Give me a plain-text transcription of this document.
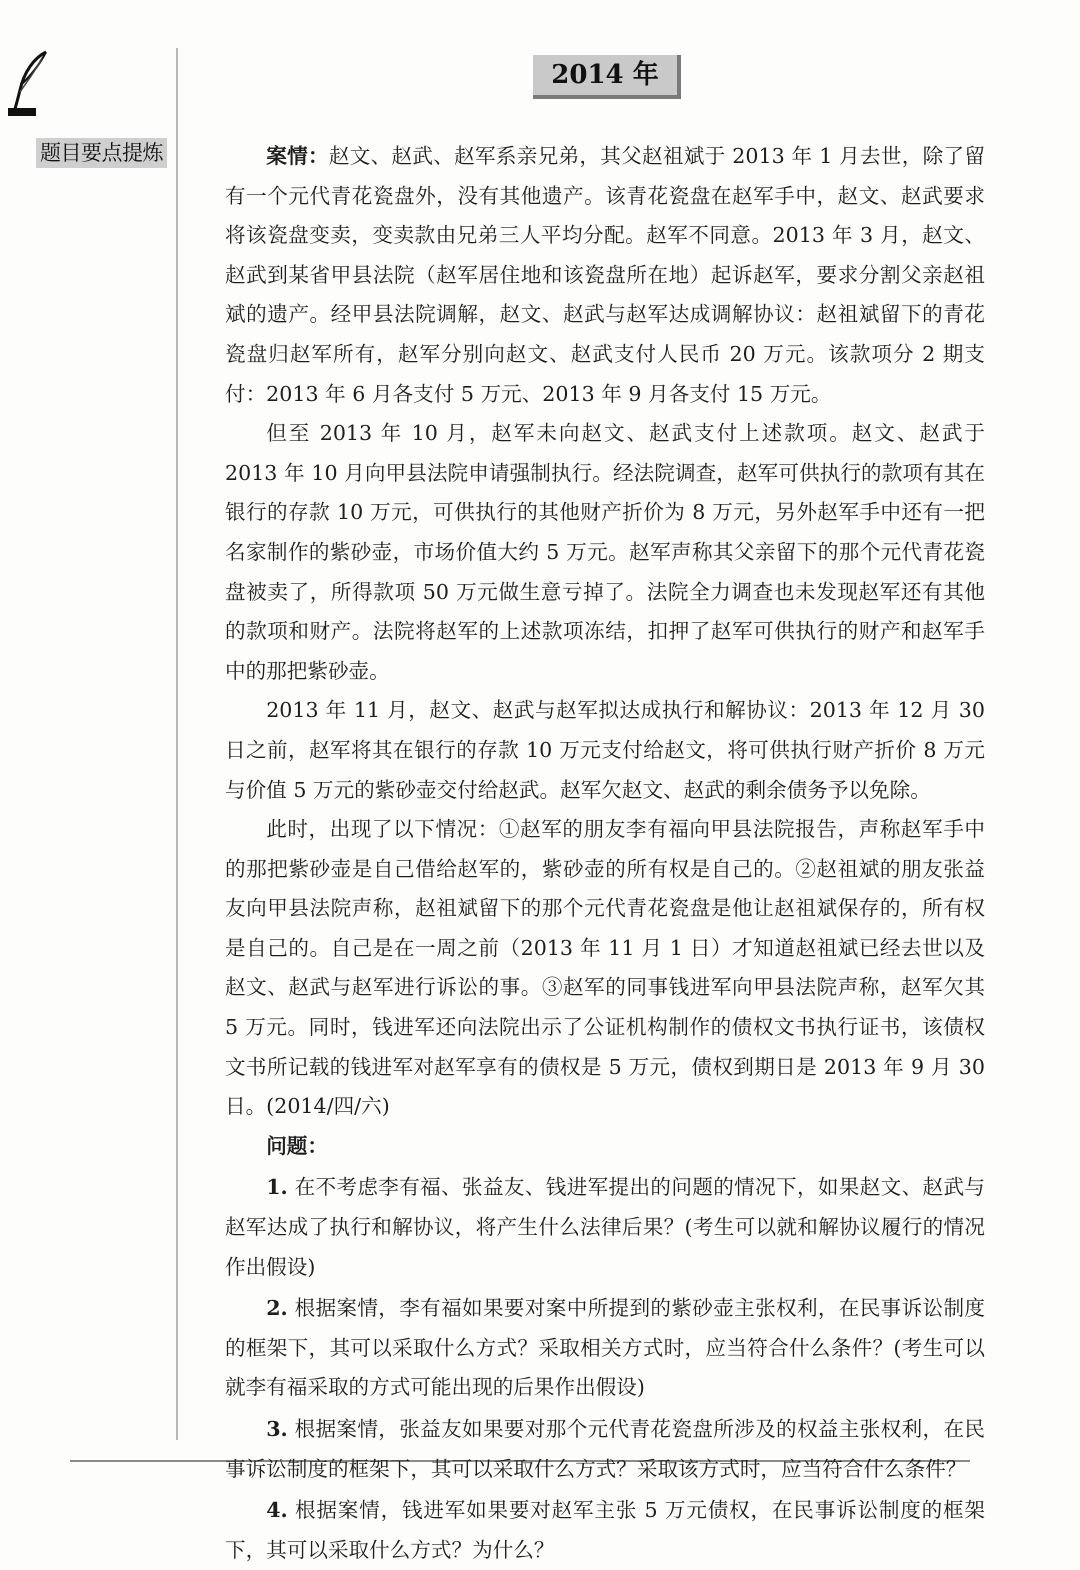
题目要点提炼
2014 年

案情：赵文、赵武、赵军系亲兄弟，其父赵祖斌于 2013 年 1 月去世，除了留有一个元代青花瓷盘外，没有其他遗产。该青花瓷盘在赵军手中，赵文、赵武要求将该瓷盘变卖，变卖款由兄弟三人平均分配。赵军不同意。2013 年 3 月，赵文、赵武到某省甲县法院（赵军居住地和该瓷盘所在地）起诉赵军，要求分割父亲赵祖斌的遗产。经甲县法院调解，赵文、赵武与赵军达成调解协议：赵祖斌留下的青花瓷盘归赵军所有，赵军分别向赵文、赵武支付人民币 20 万元。该款项分 2 期支付：2013 年 6 月各支付 5 万元、2013 年 9 月各支付 15 万元。

但至 2013 年 10 月，赵军未向赵文、赵武支付上述款项。赵文、赵武于 2013 年 10 月向甲县法院申请强制执行。经法院调查，赵军可供执行的款项有其在银行的存款 10 万元，可供执行的其他财产折价为 8 万元，另外赵军手中还有一把名家制作的紫砂壶，市场价值大约 5 万元。赵军声称其父亲留下的那个元代青花瓷盘被卖了，所得款项 50 万元做生意亏掉了。法院全力调查也未发现赵军还有其他的款项和财产。法院将赵军的上述款项冻结，扣押了赵军可供执行的财产和赵军手中的那把紫砂壶。

2013 年 11 月，赵文、赵武与赵军拟达成执行和解协议：2013 年 12 月 30 日之前，赵军将其在银行的存款 10 万元支付给赵文，将可供执行财产折价 8 万元与价值 5 万元的紫砂壶交付给赵武。赵军欠赵文、赵武的剩余债务予以免除。

此时，出现了以下情况：①赵军的朋友李有福向甲县法院报告，声称赵军手中的那把紫砂壶是自己借给赵军的，紫砂壶的所有权是自己的。②赵祖斌的朋友张益友向甲县法院声称，赵祖斌留下的那个元代青花瓷盘是他让赵祖斌保存的，所有权是自己的。自己是在一周之前（2013 年 11 月 1 日）才知道赵祖斌已经去世以及赵文、赵武与赵军进行诉讼的事。③赵军的同事钱进军向甲县法院声称，赵军欠其 5 万元。同时，钱进军还向法院出示了公证机构制作的债权文书执行证书，该债权文书所记载的钱进军对赵军享有的债权是 5 万元，债权到期日是 2013 年 9 月 30 日。(2014/四/六)

问题：

1. 在不考虑李有福、张益友、钱进军提出的问题的情况下，如果赵文、赵武与赵军达成了执行和解协议，将产生什么法律后果？(考生可以就和解协议履行的情况作出假设)

2. 根据案情，李有福如果要对案中所提到的紫砂壶主张权利，在民事诉讼制度的框架下，其可以采取什么方式？采取相关方式时，应当符合什么条件？(考生可以就李有福采取的方式可能出现的后果作出假设)

3. 根据案情，张益友如果要对那个元代青花瓷盘所涉及的权益主张权利，在民事诉讼制度的框架下，其可以采取什么方式？采取该方式时，应当符合什么条件？

4. 根据案情，钱进军如果要对赵军主张 5 万元债权，在民事诉讼制度的框架下，其可以采取什么方式？为什么？
